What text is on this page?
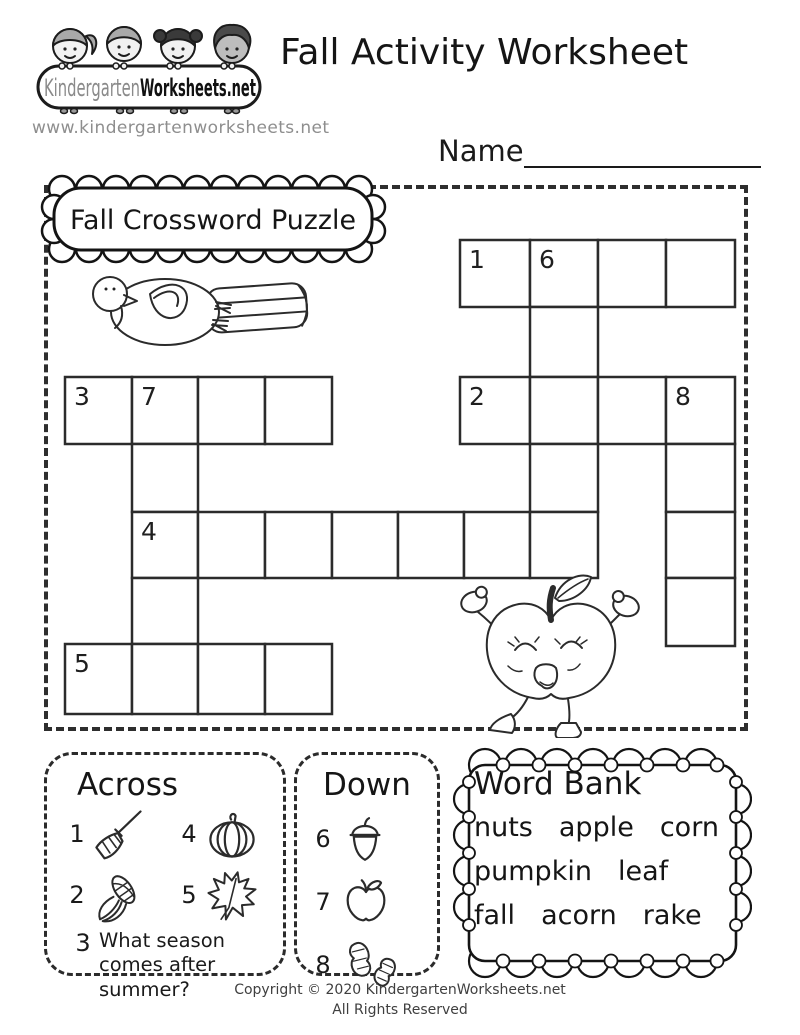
KindergartenWorksheets.net
www.kindergartenworksheets.net
Fall Activity Worksheet
Name
1 6
2	8
3 7
4
5
Fall Crossword Puzzle
Across
1	4
2	5
3 What season comes after summer?
Down
6
7
8
Word Bank
nuts apple corn
pumpkin leaf
fall acorn rake
Copyright © 2020 KindergartenWorksheets.net
All Rights Reserved
